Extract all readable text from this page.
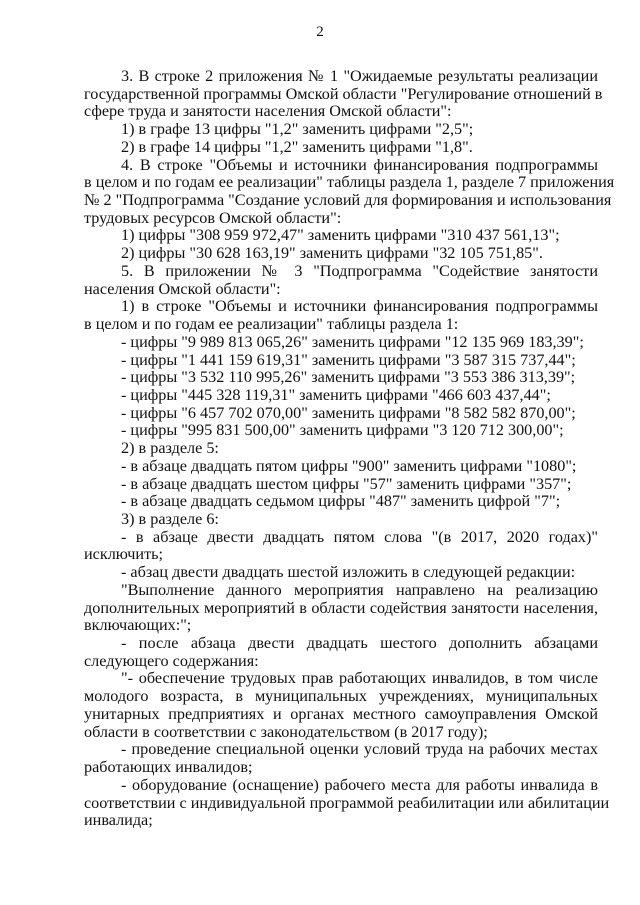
2
3. В строке 2 приложения № 1 "Ожидаемые результаты реализации
государственной программы Омской области "Регулирование отношений в
сфере труда и занятости населения Омской области":
1) в графе 13 цифры "1,2" заменить цифрами "2,5";
2) в графе 14 цифры "1,2" заменить цифрами "1,8".
4. В строке "Объемы и источники финансирования подпрограммы
в целом и по годам ее реализации" таблицы раздела 1, разделе 7 приложения
№ 2 "Подпрограмма "Создание условий для формирования и использования
трудовых ресурсов Омской области":
1) цифры "308 959 972,47" заменить цифрами "310 437 561,13";
2) цифры "30 628 163,19" заменить цифрами "32 105 751,85".
5. В приложении № 3 "Подпрограмма "Содействие занятости
населения Омской области":
1) в строке "Объемы и источники финансирования подпрограммы
в целом и по годам ее реализации" таблицы раздела 1:
- цифры "9 989 813 065,26" заменить цифрами "12 135 969 183,39";
- цифры "1 441 159 619,31" заменить цифрами "3 587 315 737,44";
- цифры "3 532 110 995,26" заменить цифрами "3 553 386 313,39";
- цифры "445 328 119,31" заменить цифрами "466 603 437,44";
- цифры "6 457 702 070,00" заменить цифрами "8 582 582 870,00";
- цифры "995 831 500,00" заменить цифрами "3 120 712 300,00";
2) в разделе 5:
- в абзаце двадцать пятом цифры "900" заменить цифрами "1080";
- в абзаце двадцать шестом цифры "57" заменить цифрами "357";
- в абзаце двадцать седьмом цифры "487" заменить цифрой "7";
3) в разделе 6:
- в абзаце двести двадцать пятом слова "(в 2017, 2020 годах)"
исключить;
- абзац двести двадцать шестой изложить в следующей редакции:
"Выполнение данного мероприятия направлено на реализацию
дополнительных мероприятий в области содействия занятости населения,
включающих:";
- после абзаца двести двадцать шестого дополнить абзацами
следующего содержания:
"- обеспечение трудовых прав работающих инвалидов, в том числе
молодого возраста, в муниципальных учреждениях, муниципальных
унитарных предприятиях и органах местного самоуправления Омской
области в соответствии с законодательством (в 2017 году);
- проведение специальной оценки условий труда на рабочих местах
работающих инвалидов;
- оборудование (оснащение) рабочего места для работы инвалида в
соответствии с индивидуальной программой реабилитации или абилитации
инвалида;
